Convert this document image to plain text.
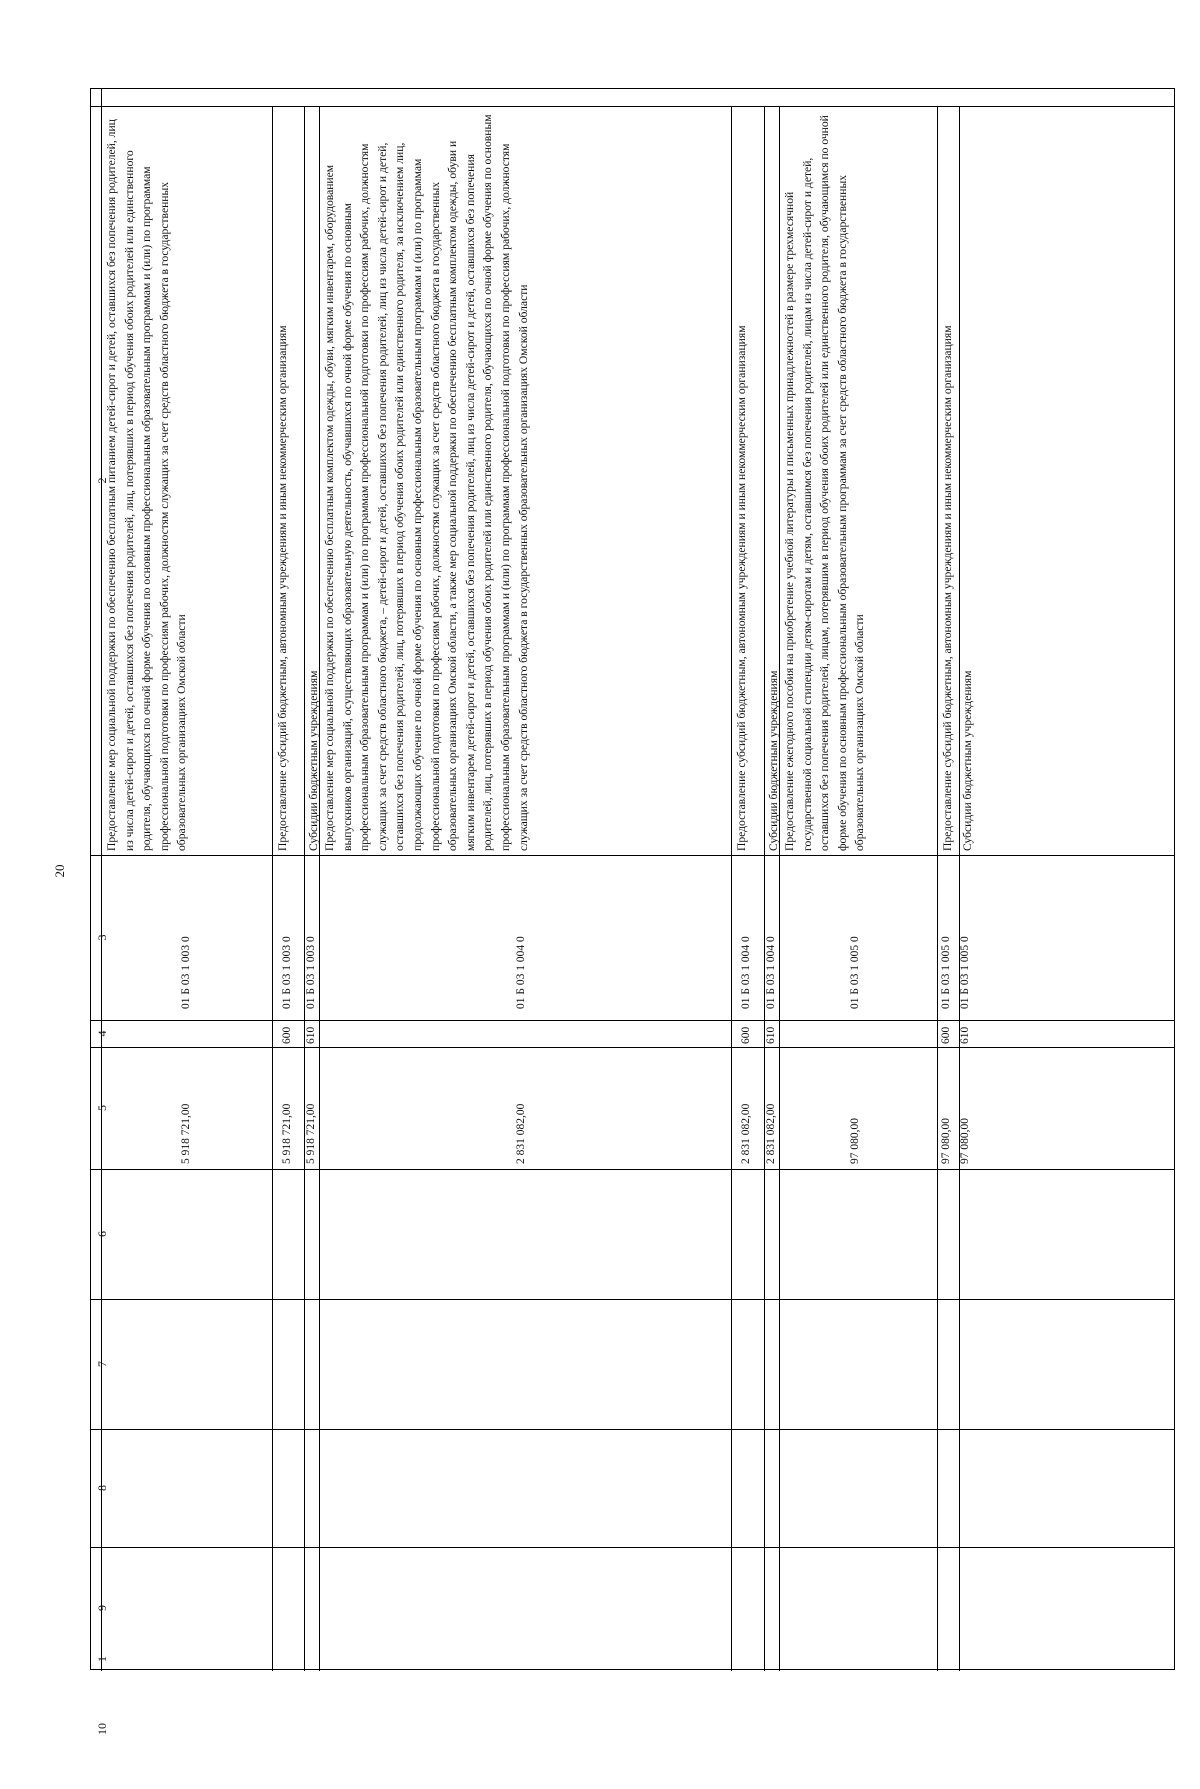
20
1
2
3
4
5
6
7
8
9
10
Предоставление мер социальной поддержки по обеспечению бесплатным питанием детей-сирот и детей, оставшихся без попечения родителей, лиц из числа детей-сирот и детей, оставшихся без попечения родителей, лиц, потерявших в период обучения обоих родителей или единственного родителя, обучающихся по очной форме обучения по основным профессиональным образовательным программам и (или) по программам профессиональной подготовки по профессиям рабочих, должностям служащих за счет средств областного бюджета в государственных образовательных организациях Омской области
01 Б 03 1 003 0
5 918 721,00
Предоставление субсидий бюджетным, автономным учреждениям и иным некоммерческим организациям
01 Б 03 1 003 0
600
5 918 721,00
Субсидии бюджетным учреждениям
01 Б 03 1 003 0
610
5 918 721,00
Предоставление мер социальной поддержки по обеспечению бесплатным комплектом одежды, обуви, мягким инвентарем, оборудованием выпускников организаций, осуществляющих образовательную деятельность, обучавшихся по очной форме обучения по основным профессиональным образовательным программам и (или) по программам профессиональной подготовки по профессиям рабочих, должностям служащих за счет средств областного бюджета, – детей-сирот и детей, оставшихся без попечения родителей, лиц из числа детей-сирот и детей, оставшихся без попечения родителей, лиц, потерявших в период обучения обоих родителей или единственного родителя, за исключением лиц, продолжающих обучение по очной форме обучения по основным профессиональным образовательным программам и (или) по программам профессиональной подготовки по профессиям рабочих, должностям служащих за счет средств областного бюджета в государственных образовательных организациях Омской области, а также мер социальной поддержки по обеспечению бесплатным комплектом одежды, обуви и мягким инвентарем детей-сирот и детей, оставшихся без попечения родителей, лиц из числа детей-сирот и детей, оставшихся без попечения родителей, лиц, потерявших в период обучения обоих родителей или единственного родителя, обучающихся по очной форме обучения по основным профессиональным образовательным программам и (или) по программам профессиональной подготовки по профессиям рабочих, должностям служащих за счет средств областного бюджета в государственных образовательных организациях Омской области
01 Б 03 1 004 0
2 831 082,00
Предоставление субсидий бюджетным, автономным учреждениям и иным некоммерческим организациям
01 Б 03 1 004 0
600
2 831 082,00
Субсидии бюджетным учреждениям
01 Б 03 1 004 0
610
2 831 082,00
Предоставление ежегодного пособия на приобретение учебной литературы и письменных принадлежностей в размере трехмесячной государственной социальной стипендии детям-сиротам и детям, оставшимся без попечения родителей, лицам из числа детей-сирот и детей, оставшихся без попечения родителей, лицам, потерявшим в период обучения обоих родителей или единственного родителя, обучающимся по очной форме обучения по основным профессиональным образовательным программам за счет средств областного бюджета в государственных образовательных организациях Омской области
01 Б 03 1 005 0
97 080,00
Предоставление субсидий бюджетным, автономным учреждениям и иным некоммерческим организациям
01 Б 03 1 005 0
600
97 080,00
Субсидии бюджетным учреждениям
01 Б 03 1 005 0
610
97 080,00
